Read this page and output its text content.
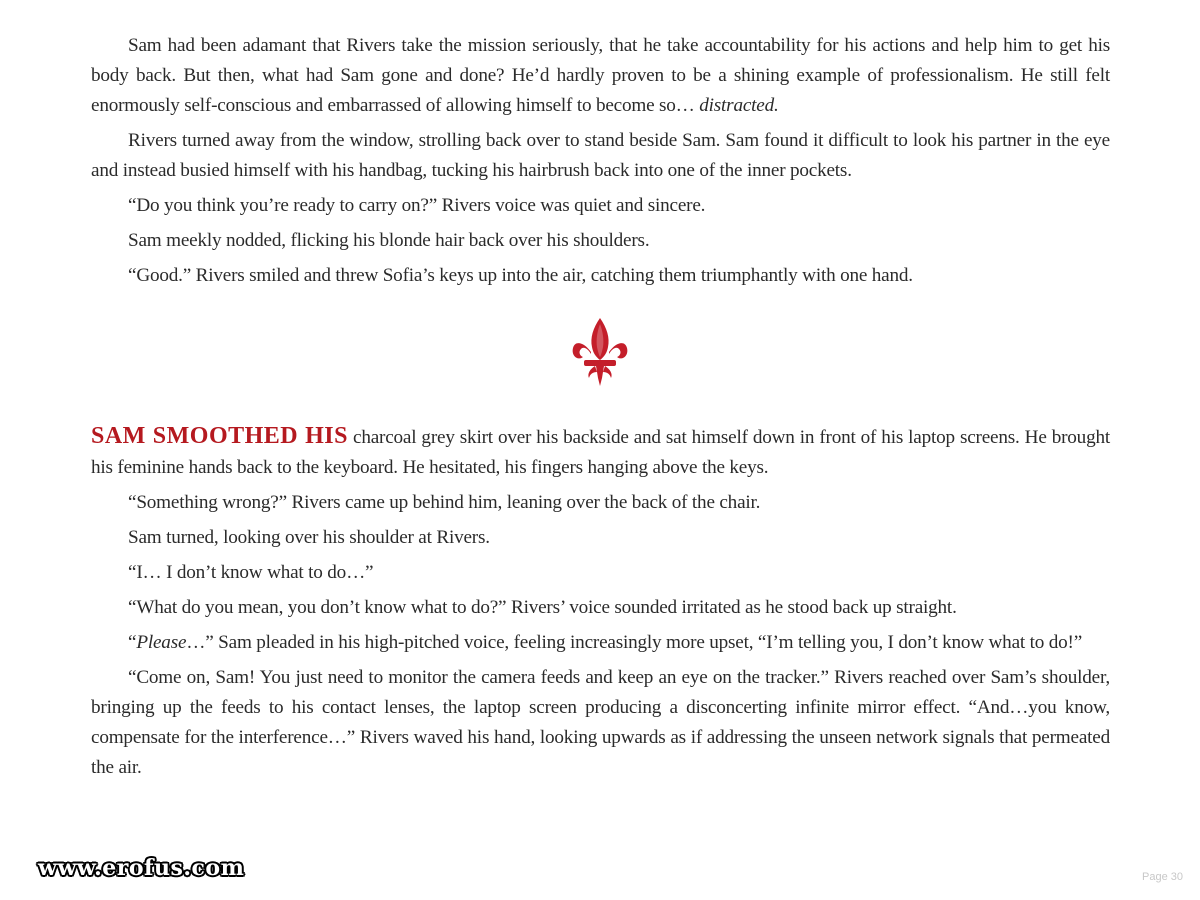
Sam had been adamant that Rivers take the mission seriously, that he take accountability for his actions and help him to get his body back. But then, what had Sam gone and done? He’d hardly proven to be a shining example of professionalism. He still felt enormously self-conscious and embarrassed of allowing himself to become so… distracted.

Rivers turned away from the window, strolling back over to stand beside Sam. Sam found it difficult to look his partner in the eye and instead busied himself with his handbag, tucking his hairbrush back into one of the inner pockets.

“Do you think you’re ready to carry on?” Rivers voice was quiet and sincere.

Sam meekly nodded, flicking his blonde hair back over his shoulders.

“Good.” Rivers smiled and threw Sofia’s keys up into the air, catching them triumphantly with one hand.

SAM SMOOTHED HIS charcoal grey skirt over his backside and sat himself down in front of his laptop screens. He brought his feminine hands back to the keyboard. He hesitated, his fingers hanging above the keys.

“Something wrong?” Rivers came up behind him, leaning over the back of the chair.

Sam turned, looking over his shoulder at Rivers.

“I… I don’t know what to do…”

“What do you mean, you don’t know what to do?” Rivers’ voice sounded irritated as he stood back up straight.

“Please…” Sam pleaded in his high-pitched voice, feeling increasingly more upset, “I’m telling you, I don’t know what to do!”

“Come on, Sam! You just need to monitor the camera feeds and keep an eye on the tracker.” Rivers reached over Sam’s shoulder, bringing up the feeds to his contact lenses, the laptop screen producing a disconcerting infinite mirror effect. “And…you know, compensate for the interference…” Rivers waved his hand, looking upwards as if addressing the unseen network signals that permeated the air.

www.erofus.com	Page 30
